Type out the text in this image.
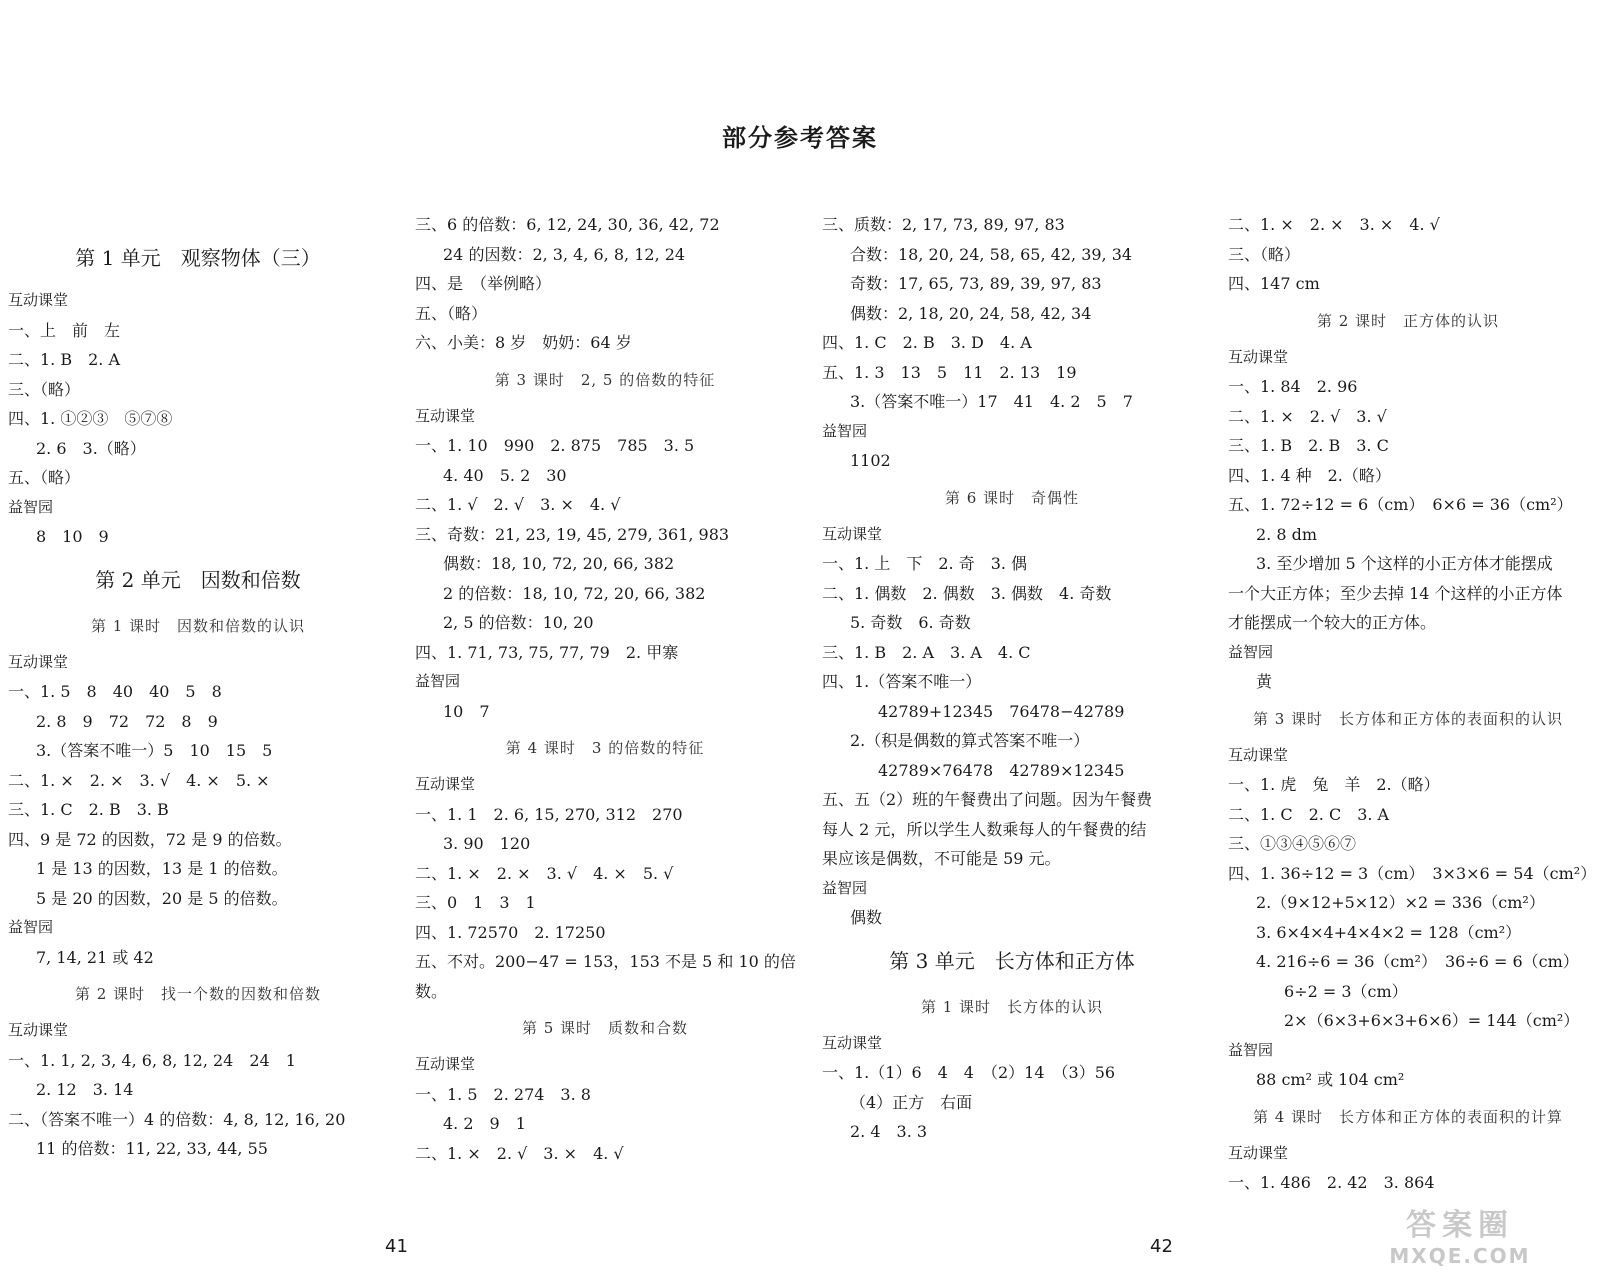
部分参考答案
第 1 单元　观察物体（三）
互动课堂
一、上　前　左
二、1. B　2. A
三、（略）
四、1. ①②③　⑤⑦⑧
2. 6　3.（略）
五、（略）
益智园
8　10　9
第 2 单元　因数和倍数
第 1 课时　因数和倍数的认识
互动课堂
一、1. 5　8　40　40　5　8
2. 8　9　72　72　8　9
3.（答案不唯一）5　10　15　5
二、1. ×　2. ×　3. √　4. ×　5. ×
三、1. C　2. B　3. B
四、9 是 72 的因数，72 是 9 的倍数。
1 是 13 的因数，13 是 1 的倍数。
5 是 20 的因数，20 是 5 的倍数。
益智园
7, 14, 21 或 42
第 2 课时　找一个数的因数和倍数
互动课堂
一、1. 1, 2, 3, 4, 6, 8, 12, 24　24　1
2. 12　3. 14
二、（答案不唯一）4 的倍数：4, 8, 12, 16, 20
11 的倍数：11, 22, 33, 44, 55
三、6 的倍数：6, 12, 24, 30, 36, 42, 72
24 的因数：2, 3, 4, 6, 8, 12, 24
四、是　（举例略）
五、（略）
六、小美：8 岁　奶奶：64 岁
第 3 课时　2, 5 的倍数的特征
互动课堂
一、1. 10　990　2. 875　785　3. 5
4. 40　5. 2　30
二、1. √　2. √　3. ×　4. √
三、奇数：21, 23, 19, 45, 279, 361, 983
偶数：18, 10, 72, 20, 66, 382
2 的倍数：18, 10, 72, 20, 66, 382
2, 5 的倍数：10, 20
四、1. 71, 73, 75, 77, 79　2. 甲寨
益智园
10　7
第 4 课时　3 的倍数的特征
互动课堂
一、1. 1　2. 6, 15, 270, 312　270
3. 90　120
二、1. ×　2. ×　3. √　4. ×　5. √
三、0　1　3　1
四、1. 72570　2. 17250
五、不对。200−47 = 153，153 不是 5 和 10 的倍
数。
第 5 课时　质数和合数
互动课堂
一、1. 5　2. 274　3. 8
4. 2　9　1
二、1. ×　2. √　3. ×　4. √
三、质数：2, 17, 73, 89, 97, 83
合数：18, 20, 24, 58, 65, 42, 39, 34
奇数：17, 65, 73, 89, 39, 97, 83
偶数：2, 18, 20, 24, 58, 42, 34
四、1. C　2. B　3. D　4. A
五、1. 3　13　5　11　2. 13　19
3.（答案不唯一）17　41　4. 2　5　7
益智园
1102
第 6 课时　奇偶性
互动课堂
一、1. 上　下　2. 奇　3. 偶
二、1. 偶数　2. 偶数　3. 偶数　4. 奇数
5. 奇数　6. 奇数
三、1. B　2. A　3. A　4. C
四、1.（答案不唯一）
42789+12345　76478−42789
2.（积是偶数的算式答案不唯一）
42789×76478　42789×12345
五、五（2）班的午餐费出了问题。因为午餐费
每人 2 元，所以学生人数乘每人的午餐费的结
果应该是偶数，不可能是 59 元。
益智园
偶数
第 3 单元　长方体和正方体
第 1 课时　长方体的认识
互动课堂
一、1.（1）6　4　4　（2）14　（3）56
（4）正方　右面
2. 4　3. 3
二、1. ×　2. ×　3. ×　4. √
三、（略）
四、147 cm
第 2 课时　正方体的认识
互动课堂
一、1. 84　2. 96
二、1. ×　2. √　3. √
三、1. B　2. B　3. C
四、1. 4 种　2.（略）
五、1. 72÷12 = 6（cm）　6×6 = 36（cm²）
2. 8 dm
3. 至少增加 5 个这样的小正方体才能摆成
一个大正方体；至少去掉 14 个这样的小正方体
才能摆成一个较大的正方体。
益智园
黄
第 3 课时　长方体和正方体的表面积的认识
互动课堂
一、1. 虎　兔　羊　2.（略）
二、1. C　2. C　3. A
三、①③④⑤⑥⑦
四、1. 36÷12 = 3（cm）　3×3×6 = 54（cm²）
2.（9×12+5×12）×2 = 336（cm²）
3. 6×4×4+4×4×2 = 128（cm²）
4. 216÷6 = 36（cm²）　36÷6 = 6（cm）
6÷2 = 3（cm）
2×（6×3+6×3+6×6）= 144（cm²）
益智园
88 cm² 或 104 cm²
第 4 课时　长方体和正方体的表面积的计算
互动课堂
一、1. 486　2. 42　3. 864
41	42
答案圈
MXQE.COM
